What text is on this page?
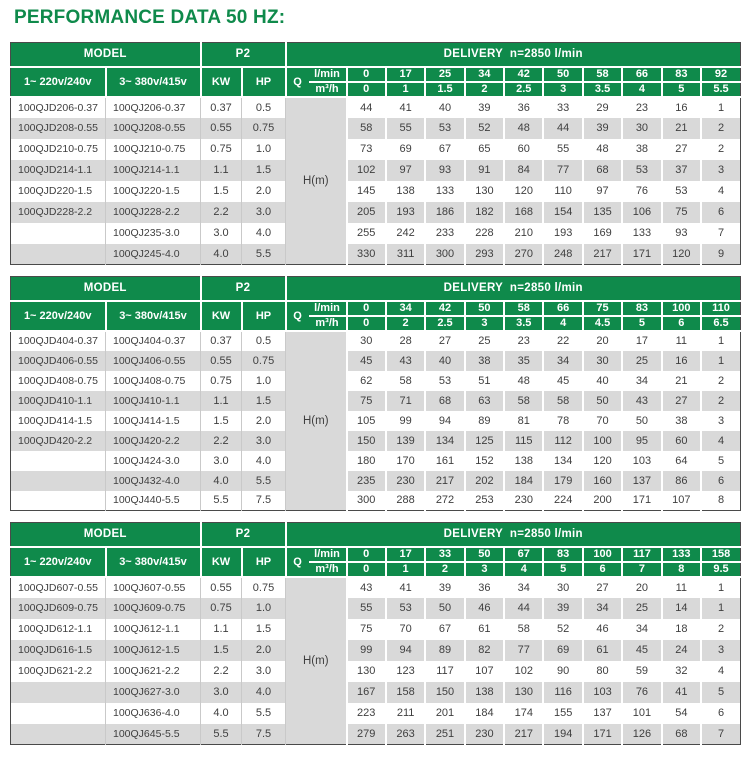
PERFORMANCE DATA 50 HZ:
MODEL		P2		DELIVERY  n=2850 l/min											
1~ 220v/240v	3~ 380v/415v	KW	HP	Q	l/min	0	17	25	34	42	50	58	66	83	92
					m³/h	0	1	1.5	2	2.5	3	3.5	4	5	5.5
100QJD206-0.37	100QJ206-0.37	0.37	0.5	H(m)		44	41	40	39	36	33	29	23	16	1
100QJD208-0.55	100QJ208-0.55	0.55	0.75			58	55	53	52	48	44	39	30	21	2
100QJD210-0.75	100QJ210-0.75	0.75	1.0			73	69	67	65	60	55	48	38	27	2
100QJD214-1.1	100QJ214-1.1	1.1	1.5			102	97	93	91	84	77	68	53	37	3
100QJD220-1.5	100QJ220-1.5	1.5	2.0			145	138	133	130	120	110	97	76	53	4
100QJD228-2.2	100QJ228-2.2	2.2	3.0			205	193	186	182	168	154	135	106	75	6
	100QJ235-3.0	3.0	4.0			255	242	233	228	210	193	169	133	93	7
	100QJ245-4.0	4.0	5.5			330	311	300	293	270	248	217	171	120	9
MODEL		P2		DELIVERY  n=2850 l/min											
1~ 220v/240v	3~ 380v/415v	KW	HP	Q	l/min	0	34	42	50	58	66	75	83	100	110
					m³/h	0	2	2.5	3	3.5	4	4.5	5	6	6.5
100QJD404-0.37	100QJ404-0.37	0.37	0.5	H(m)		30	28	27	25	23	22	20	17	11	1
100QJD406-0.55	100QJ406-0.55	0.55	0.75			45	43	40	38	35	34	30	25	16	1
100QJD408-0.75	100QJ408-0.75	0.75	1.0			62	58	53	51	48	45	40	34	21	2
100QJD410-1.1	100QJ410-1.1	1.1	1.5			75	71	68	63	58	58	50	43	27	2
100QJD414-1.5	100QJ414-1.5	1.5	2.0			105	99	94	89	81	78	70	50	38	3
100QJD420-2.2	100QJ420-2.2	2.2	3.0			150	139	134	125	115	112	100	95	60	4
	100QJ424-3.0	3.0	4.0			180	170	161	152	138	134	120	103	64	5
	100QJ432-4.0	4.0	5.5			235	230	217	202	184	179	160	137	86	6
	100QJ440-5.5	5.5	7.5			300	288	272	253	230	224	200	171	107	8
MODEL		P2		DELIVERY  n=2850 l/min											
1~ 220v/240v	3~ 380v/415v	KW	HP	Q	l/min	0	17	33	50	67	83	100	117	133	158
					m³/h	0	1	2	3	4	5	6	7	8	9.5
100QJD607-0.55	100QJ607-0.55	0.55	0.75	H(m)		43	41	39	36	34	30	27	20	11	1
100QJD609-0.75	100QJ609-0.75	0.75	1.0			55	53	50	46	44	39	34	25	14	1
100QJD612-1.1	100QJ612-1.1	1.1	1.5			75	70	67	61	58	52	46	34	18	2
100QJD616-1.5	100QJ612-1.5	1.5	2.0			99	94	89	82	77	69	61	45	24	3
100QJD621-2.2	100QJ621-2.2	2.2	3.0			130	123	117	107	102	90	80	59	32	4
	100QJ627-3.0	3.0	4.0			167	158	150	138	130	116	103	76	41	5
	100QJ636-4.0	4.0	5.5			223	211	201	184	174	155	137	101	54	6
	100QJ645-5.5	5.5	7.5			279	263	251	230	217	194	171	126	68	7
